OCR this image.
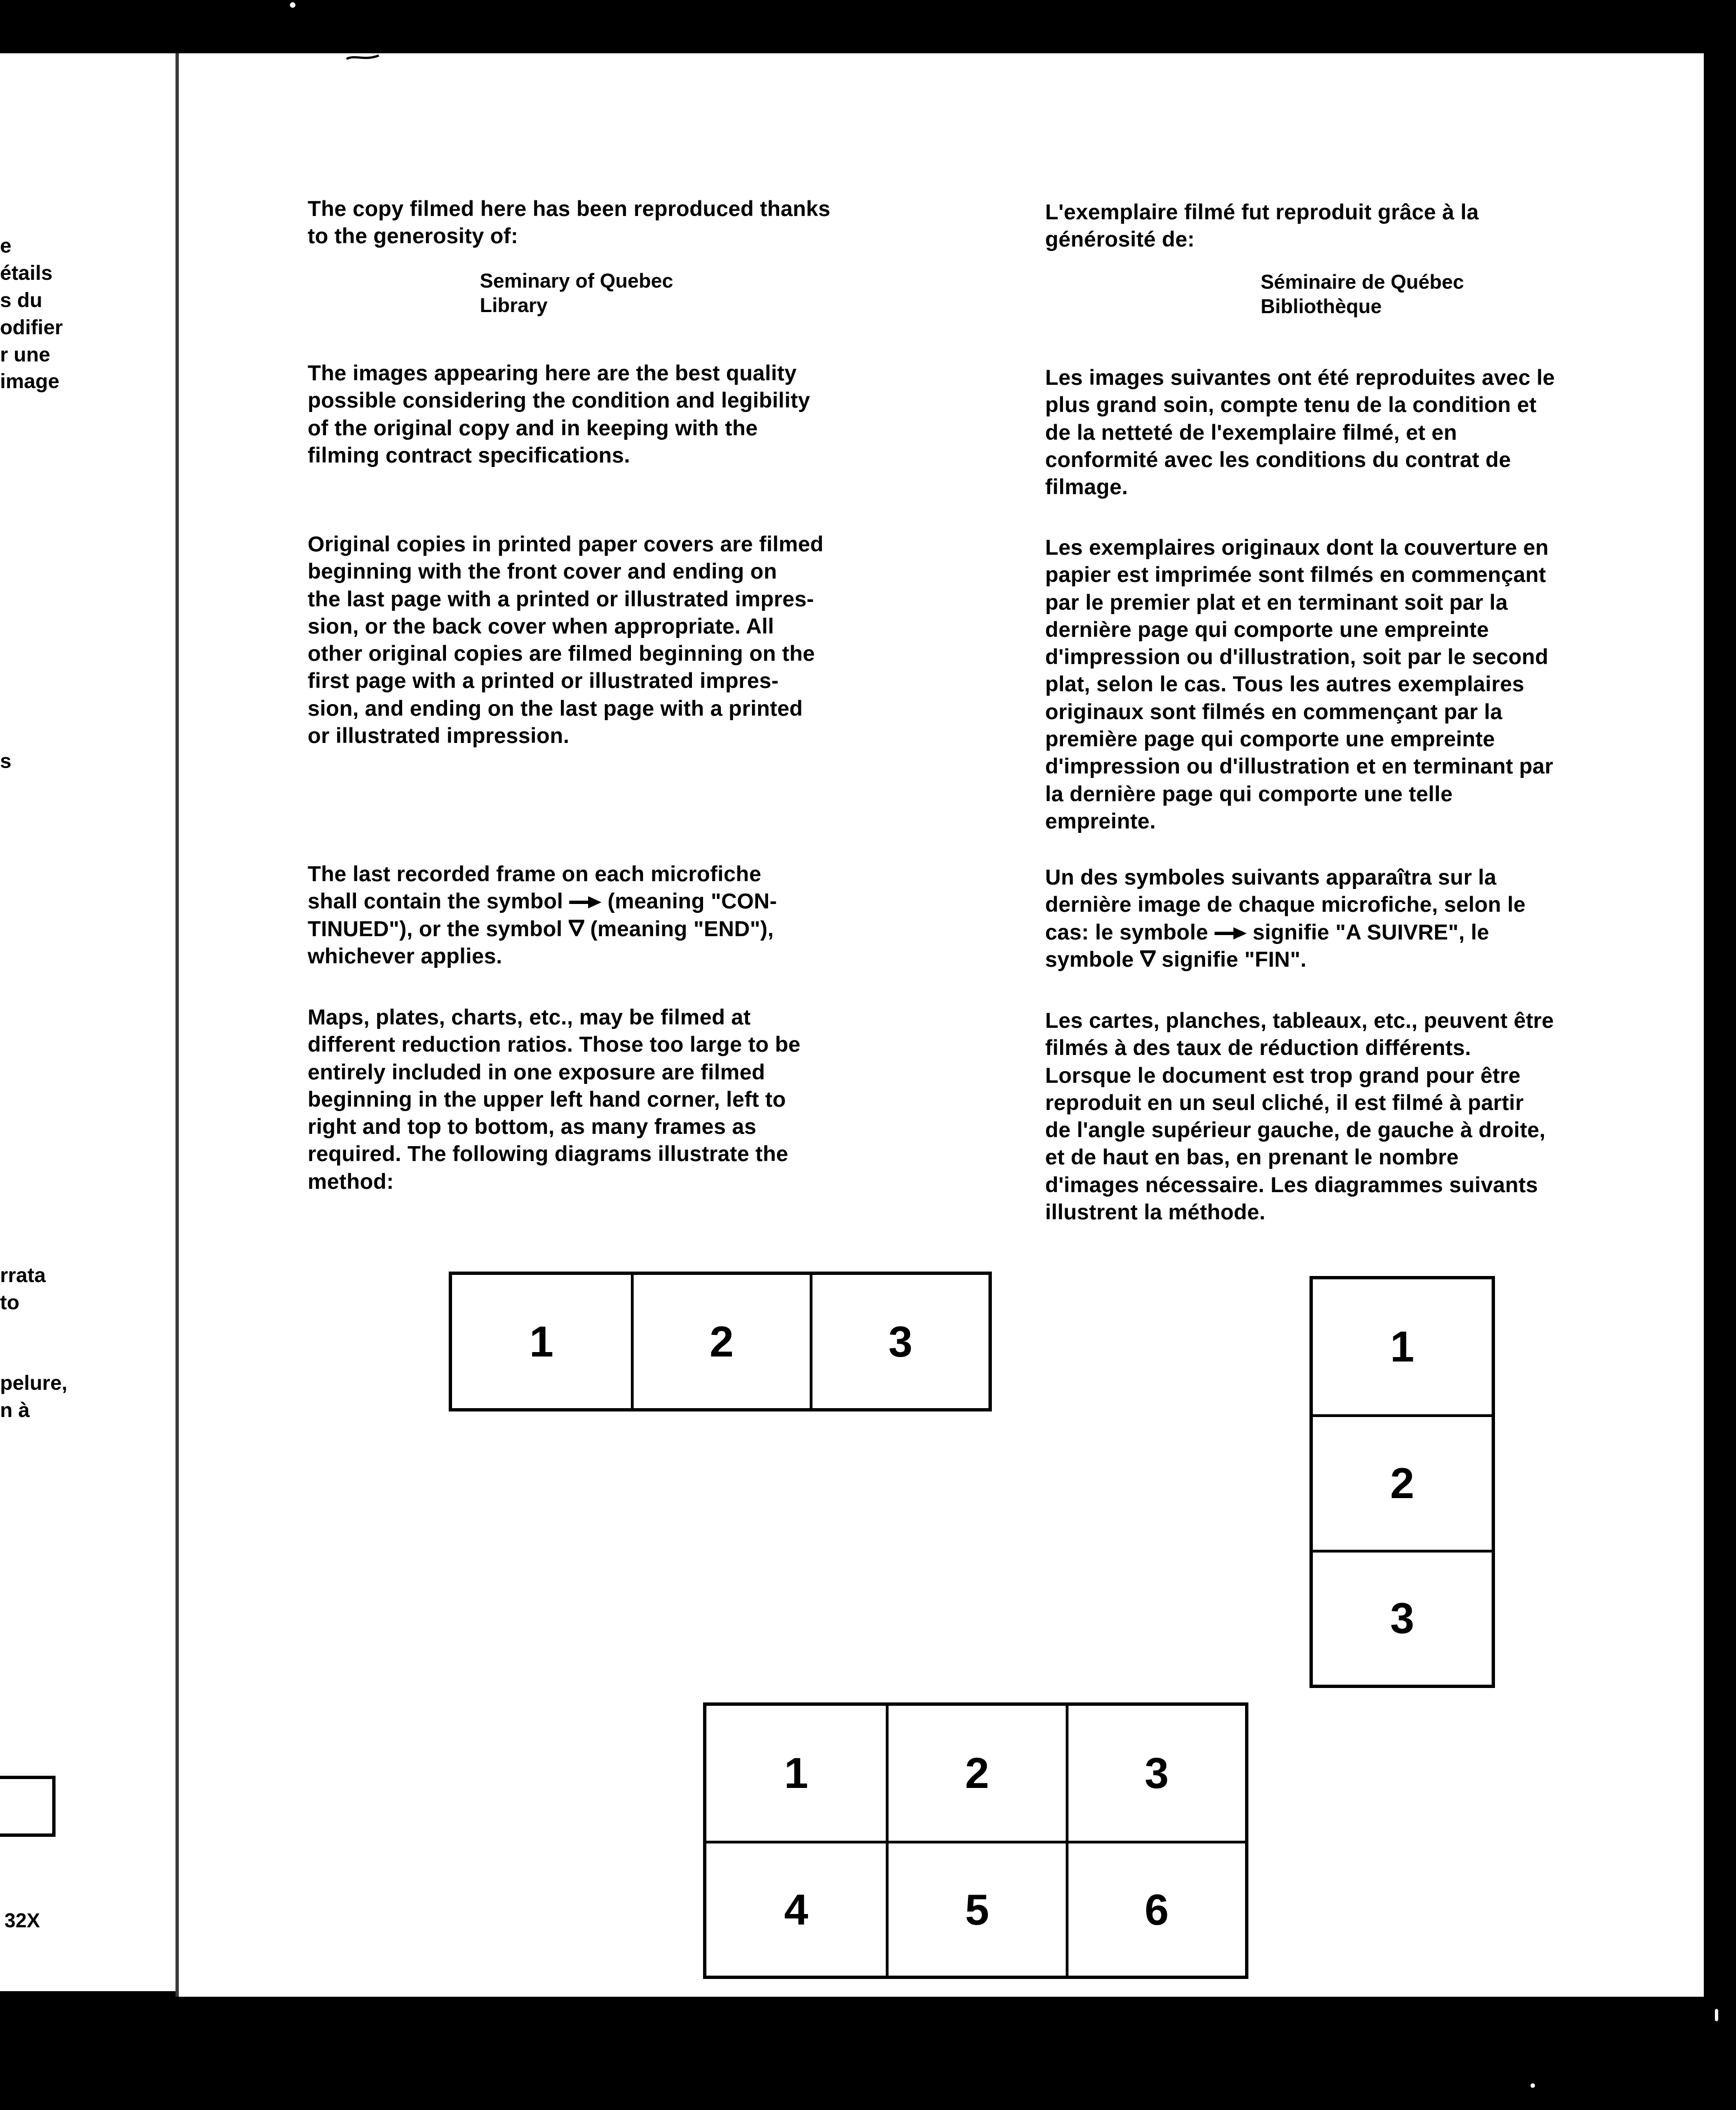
e
étails
s du
odifier
r une
image
s
rrata
to
pelure,
n à
32X
The copy filmed here has been reproduced thanks
to the generosity of:
Seminary of Quebec
Library
The images appearing here are the best quality
possible considering the condition and legibility
of the original copy and in keeping with the
filming contract specifications.
Original copies in printed paper covers are filmed
beginning with the front cover and ending on
the last page with a printed or illustrated impres-
sion, or the back cover when appropriate. All
other original copies are filmed beginning on the
first page with a printed or illustrated impres-
sion, and ending on the last page with a printed
or illustrated impression.
The last recorded frame on each microfiche
shall contain the symbol  (meaning "CON-
TINUED"), or the symbol  (meaning "END"),
whichever applies.
Maps, plates, charts, etc., may be filmed at
different reduction ratios. Those too large to be
entirely included in one exposure are filmed
beginning in the upper left hand corner, left to
right and top to bottom, as many frames as
required. The following diagrams illustrate the
method:
L'exemplaire filmé fut reproduit grâce à la
générosité de:
Séminaire de Québec
Bibliothèque
Les images suivantes ont été reproduites avec le
plus grand soin, compte tenu de la condition et
de la netteté de l'exemplaire filmé, et en
conformité avec les conditions du contrat de
filmage.
Les exemplaires originaux dont la couverture en
papier est imprimée sont filmés en commençant
par le premier plat et en terminant soit par la
dernière page qui comporte une empreinte
d'impression ou d'illustration, soit par le second
plat, selon le cas. Tous les autres exemplaires
originaux sont filmés en commençant par la
première page qui comporte une empreinte
d'impression ou d'illustration et en terminant par
la dernière page qui comporte une telle
empreinte.
Un des symboles suivants apparaîtra sur la
dernière image de chaque microfiche, selon le
cas: le symbole  signifie "A SUIVRE", le
symbole  signifie "FIN".
Les cartes, planches, tableaux, etc., peuvent être
filmés à des taux de réduction différents.
Lorsque le document est trop grand pour être
reproduit en un seul cliché, il est filmé à partir
de l'angle supérieur gauche, de gauche à droite,
et de haut en bas, en prenant le nombre
d'images nécessaire. Les diagrammes suivants
illustrent la méthode.
1	2	3	1
2
3
1	2	3
4	5	6
